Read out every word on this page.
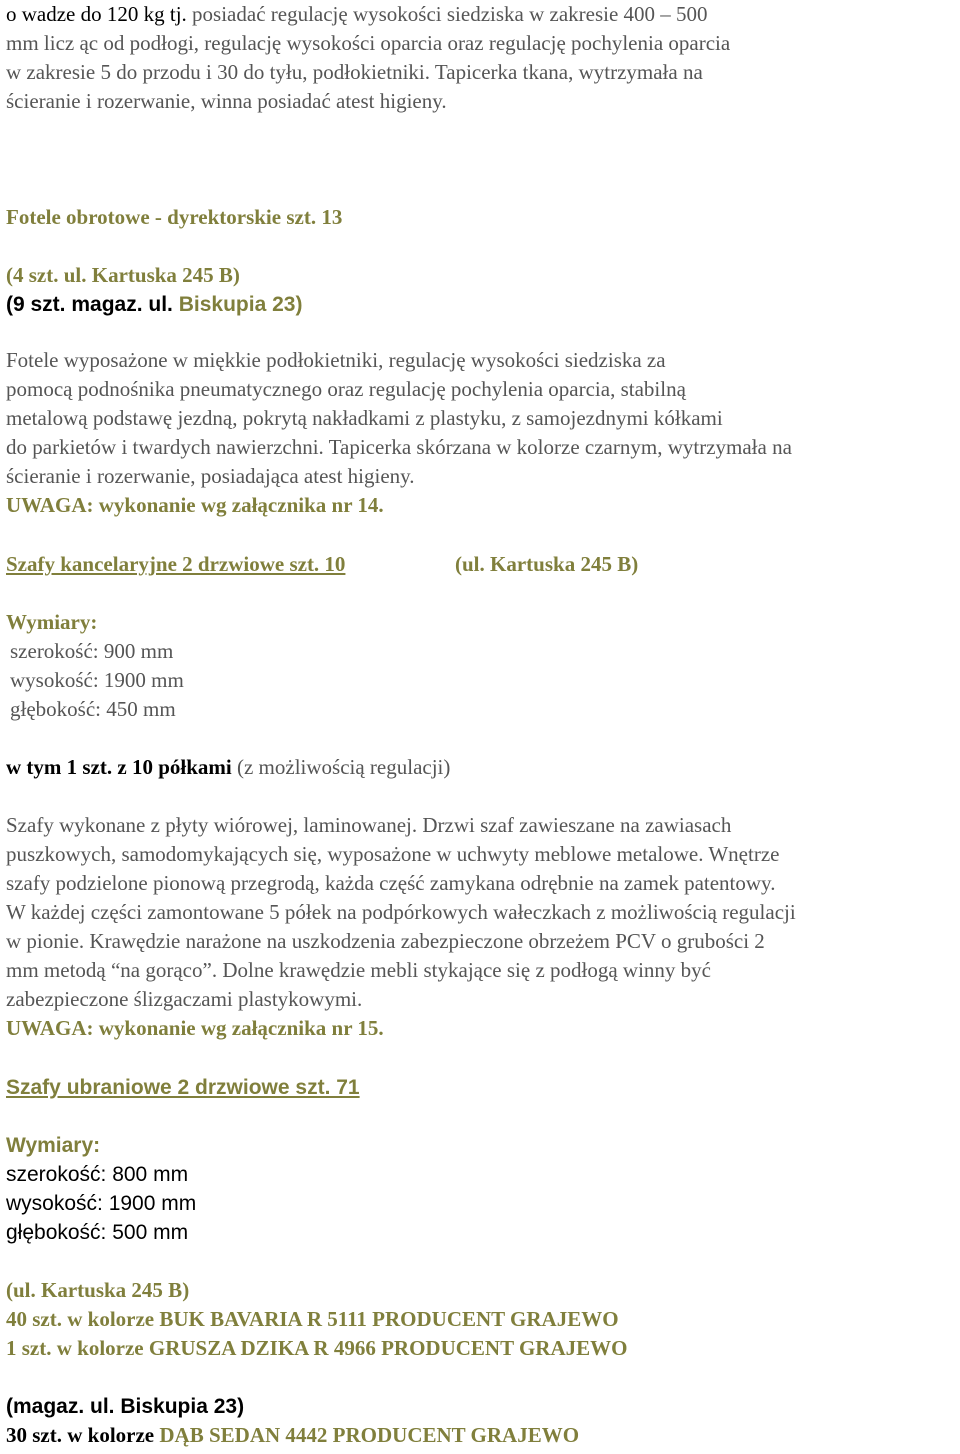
o wadze do 120 kg tj. posiadać regulację wysokości siedziska w zakresie 400 – 500
mm licz ąc od podłogi, regulację wysokości oparcia oraz regulację pochylenia oparcia
w zakresie 5 do przodu i 30 do tyłu, podłokietniki. Tapicerka tkana, wytrzymała na
ścieranie i rozerwanie, winna posiadać atest higieny.
Fotele obrotowe - dyrektorskie szt. 13
(4 szt. ul. Kartuska 245 B)
(9 szt. magaz. ul. Biskupia 23)
Fotele wyposażone w miękkie podłokietniki, regulację wysokości siedziska za
pomocą podnośnika pneumatycznego oraz regulację pochylenia oparcia, stabilną
metalową podstawę jezdną, pokrytą nakładkami z plastyku, z samojezdnymi kółkami
do parkietów i twardych nawierzchni. Tapicerka skórzana w kolorze czarnym, wytrzymała na
ścieranie i rozerwanie, posiadająca atest higieny.
UWAGA: wykonanie wg załącznika nr 14.
Szafy kancelaryjne 2 drzwiowe szt. 10	(ul. Kartuska 245 B)
Wymiary:
szerokość: 900 mm
wysokość: 1900 mm
głębokość: 450 mm
w tym 1 szt. z 10 półkami (z możliwością regulacji)
Szafy wykonane z płyty wiórowej, laminowanej. Drzwi szaf zawieszane na zawiasach
puszkowych, samodomykających się, wyposażone w uchwyty meblowe metalowe. Wnętrze
szafy podzielone pionową przegrodą, każda część zamykana odrębnie na zamek patentowy.
W każdej części zamontowane 5 półek na podpórkowych wałeczkach z możliwością regulacji
w pionie. Krawędzie narażone na uszkodzenia zabezpieczone obrzeżem PCV o grubości 2
mm metodą “na gorąco”. Dolne krawędzie mebli stykające się z podłogą winny być
zabezpieczone ślizgaczami plastykowymi.
UWAGA: wykonanie wg załącznika nr 15.
Szafy ubraniowe 2 drzwiowe szt. 71
Wymiary:
szerokość: 800 mm
wysokość: 1900 mm
głębokość: 500 mm
(ul. Kartuska 245 B)
40 szt. w kolorze BUK BAVARIA R 5111 PRODUCENT GRAJEWO
1 szt. w kolorze GRUSZA DZIKA R 4966 PRODUCENT GRAJEWO
(magaz. ul. Biskupia 23)
30 szt. w kolorze DĄB SEDAN 4442 PRODUCENT GRAJEWO
